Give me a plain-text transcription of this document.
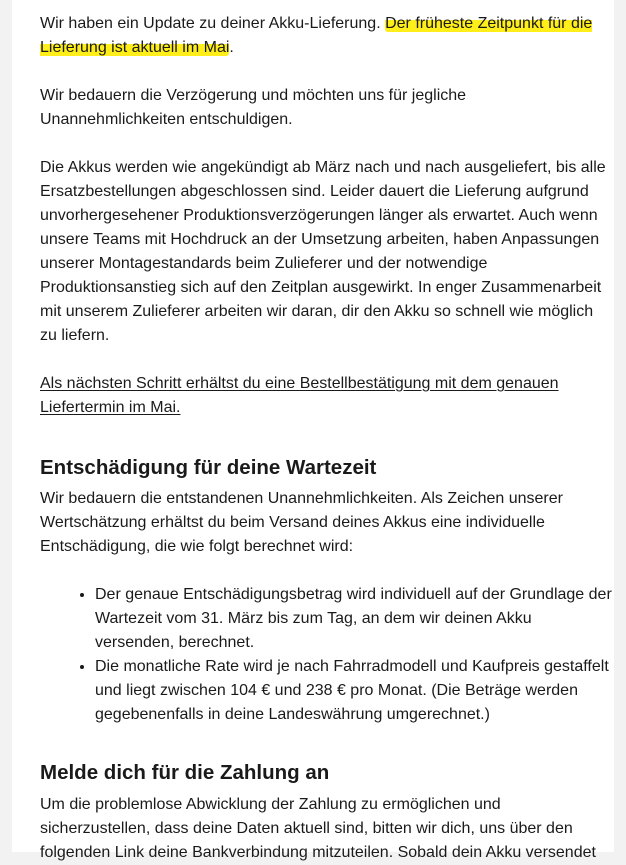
Wir haben ein Update zu deiner Akku-Lieferung. Der früheste Zeitpunkt für die Lieferung ist aktuell im Mai.

Wir bedauern die Verzögerung und möchten uns für jegliche Unannehmlichkeiten entschuldigen.

Die Akkus werden wie angekündigt ab März nach und nach ausgeliefert, bis alle Ersatzbestellungen abgeschlossen sind. Leider dauert die Lieferung aufgrund unvorhergesehener Produktionsverzögerungen länger als erwartet. Auch wenn unsere Teams mit Hochdruck an der Umsetzung arbeiten, haben Anpassungen unserer Montagestandards beim Zulieferer und der notwendige Produktionsanstieg sich auf den Zeitplan ausgewirkt. In enger Zusammenarbeit mit unserem Zulieferer arbeiten wir daran, dir den Akku so schnell wie möglich zu liefern.

Als nächsten Schritt erhältst du eine Bestellbestätigung mit dem genauen Liefertermin im Mai.

Entschädigung für deine Wartezeit

Wir bedauern die entstandenen Unannehmlichkeiten. Als Zeichen unserer Wertschätzung erhältst du beim Versand deines Akkus eine individuelle Entschädigung, die wie folgt berechnet wird:

• Der genaue Entschädigungsbetrag wird individuell auf der Grundlage der Wartezeit vom 31. März bis zum Tag, an dem wir deinen Akku versenden, berechnet.
• Die monatliche Rate wird je nach Fahrradmodell und Kaufpreis gestaffelt und liegt zwischen 104 € und 238 € pro Monat. (Die Beträge werden gegebenenfalls in deine Landeswährung umgerechnet.)
Melde dich für die Zahlung an

Um die problemlose Abwicklung der Zahlung zu ermöglichen und sicherzustellen, dass deine Daten aktuell sind, bitten wir dich, uns über den folgenden Link deine Bankverbindung mitzuteilen. Sobald dein Akku versendet
